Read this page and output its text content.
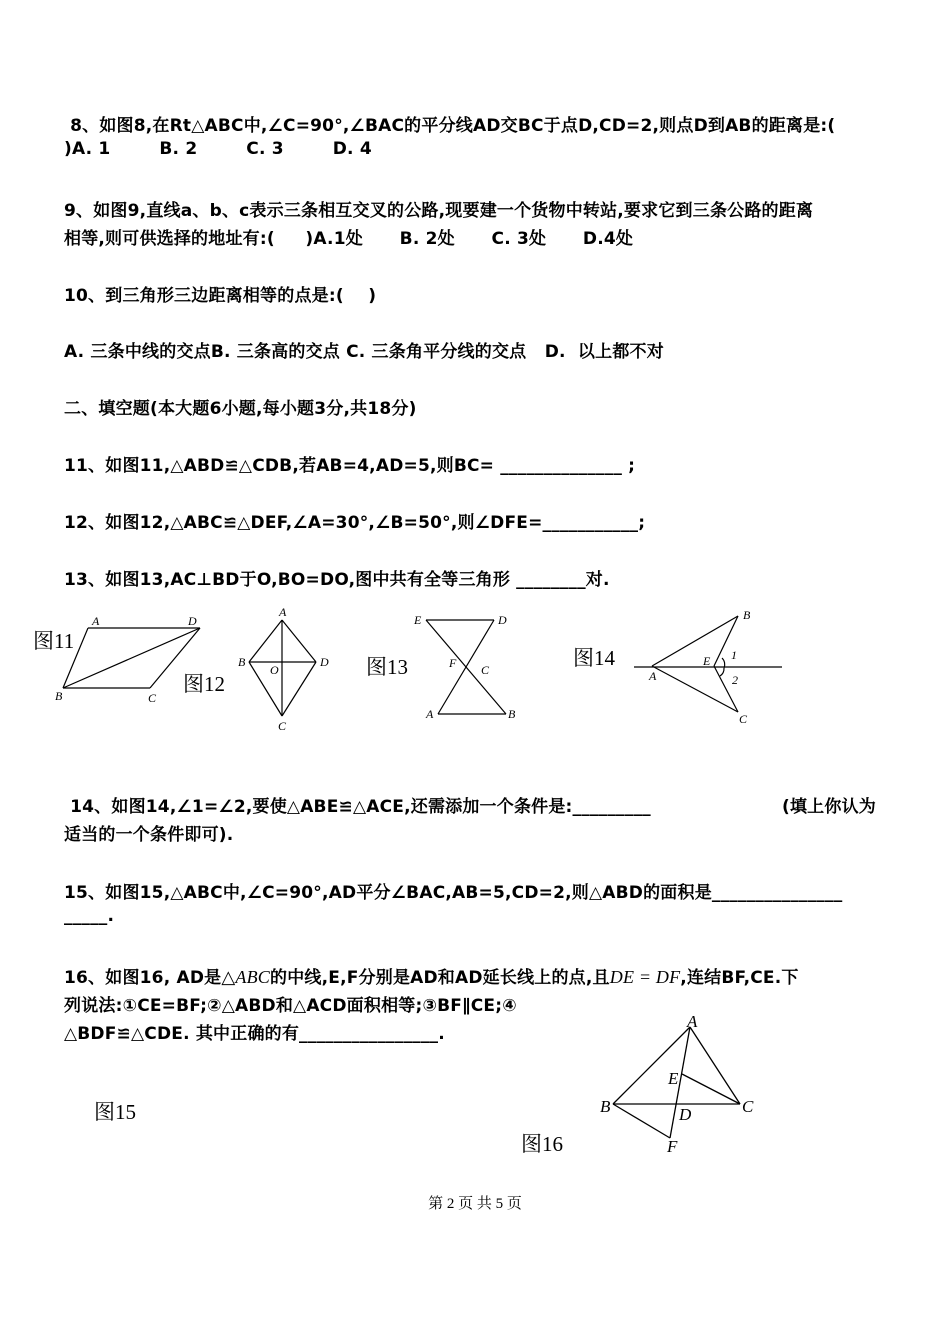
8、如图8,在Rt△ABC中,∠C=90°,∠BAC的平分线AD交BC于点D,CD=2,则点D到AB的距离是:(
)A. 1        B. 2        C. 3        D. 4
9、如图9,直线a、b、c表示三条相互交叉的公路,现要建一个货物中转站,要求它到三条公路的距离
相等,则可供选择的地址有:(     )A.1处      B. 2处      C. 3处      D.4处
10、到三角形三边距离相等的点是:(    )
A. 三条中线的交点B. 三条高的交点 C. 三条角平分线的交点   D.  以上都不对
二、填空题(本大题6小题,每小题3分,共18分)
11、如图11,△ABD≌△CDB,若AB=4,AD=5,则BC= ______________ ;
12、如图12,△ABC≌△DEF,∠A=30°,∠B=50°,则∠DFE=___________;
13、如图13,AC⊥BD于O,BO=DO,图中共有全等三角形 ________对.
图11
图12
图13	图14
A	D
B	C
A
B	D
O
C
E	D
F C
A	B
B
A
E 1
2
C
14、如图14,∠1=∠2,要使△ABE≌△ACE,还需添加一个条件是:_________	(填上你认为
适当的一个条件即可).
15、如图15,△ABC中,∠C=90°,AD平分∠BAC,AB=5,CD=2,则△ABD的面积是_______________
_____.
16、如图16, AD是△ABC的中线,E,F分别是AD和AD延长线上的点,且DE = DF,连结BF,CE.下
列说法:①CE=BF;②△ABD和△ACD面积相等;③BF∥CE;④
△BDF≌△CDE. 其中正确的有________________.
图15
A
B	C
D
E
F
图16
第 2 页 共 5 页
